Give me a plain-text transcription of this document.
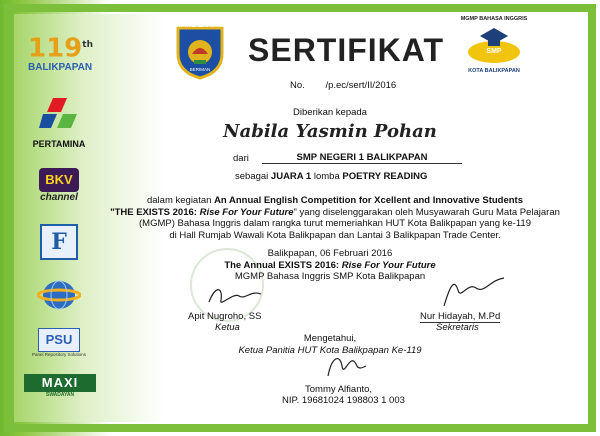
119th
BALIKPAPAN
PERTAMINA
BKV
channel
F
PSU
Panel Repository Solutions
MAXI
SWADAYAN
KOTA BALIKPAPAN
BERIMAN
SERTIFIKAT
No. /p.ec/sert/II/2016
MGMP BAHASA INGGRIS
SMP
KOTA BALIKPAPAN
Diberikan kepada
Nabila Yasmin Pohan
dari	SMP NEGERI 1 BALIKPAPAN
sebagai JUARA 1 lomba POETRY READING
dalam kegiatan An Annual English Competition for Xcellent and Innovative Students
"THE EXISTS 2016: Rise For Your Future" yang diselenggarakan oleh Musyawarah Guru Mata Pelajaran
(MGMP) Bahasa Inggris dalam rangka turut memeriahkan HUT Kota Balikpapan yang ke-119
di Hall Rumjab Wawali Kota Balikpapan dan Lantai 3 Balikpapan Trade Center.
Balikpapan, 06 Februari 2016
The Annual EXISTS 2016: Rise For Your Future
MGMP Bahasa Inggris SMP Kota Balikpapan
Apit Nugroho, SS
Ketua
Nur Hidayah, M.Pd
Sekretaris
Mengetahui,
Ketua Panitia HUT Kota Balikpapan Ke-119
Tommy Alfianto,
NIP. 19681024 198803 1 003
